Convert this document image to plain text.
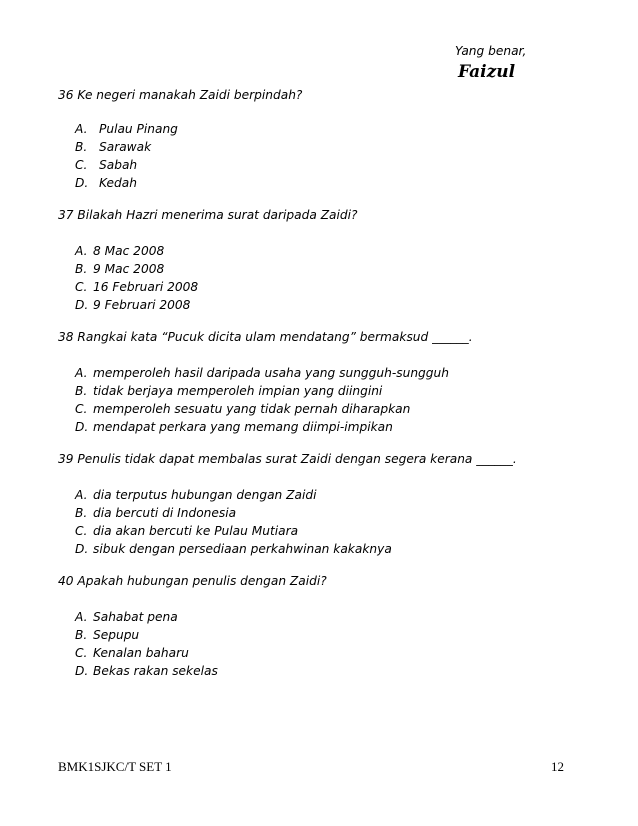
Yang benar,
Faizul
36 Ke negeri manakah Zaidi berpindah?
A. Pulau Pinang
B. Sarawak
C. Sabah
D. Kedah
37 Bilakah Hazri menerima surat daripada Zaidi?
A. 8 Mac 2008
B. 9 Mac 2008
C. 16 Februari 2008
D. 9 Februari 2008
38 Rangkai kata “Pucuk dicita ulam mendatang” bermaksud ______.
A. memperoleh hasil daripada usaha yang sungguh-sungguh
B. tidak berjaya memperoleh impian yang diingini
C. memperoleh sesuatu yang tidak pernah diharapkan
D. mendapat perkara yang memang diimpi-impikan
39 Penulis tidak dapat membalas surat Zaidi dengan segera kerana ______.
A. dia terputus hubungan dengan Zaidi
B. dia bercuti di Indonesia
C. dia akan bercuti ke Pulau Mutiara
D. sibuk dengan persediaan perkahwinan kakaknya
40 Apakah hubungan penulis dengan Zaidi?
A. Sahabat pena
B. Sepupu
C. Kenalan baharu
D. Bekas rakan sekelas
BMK1SJKC/T SET 1	12
